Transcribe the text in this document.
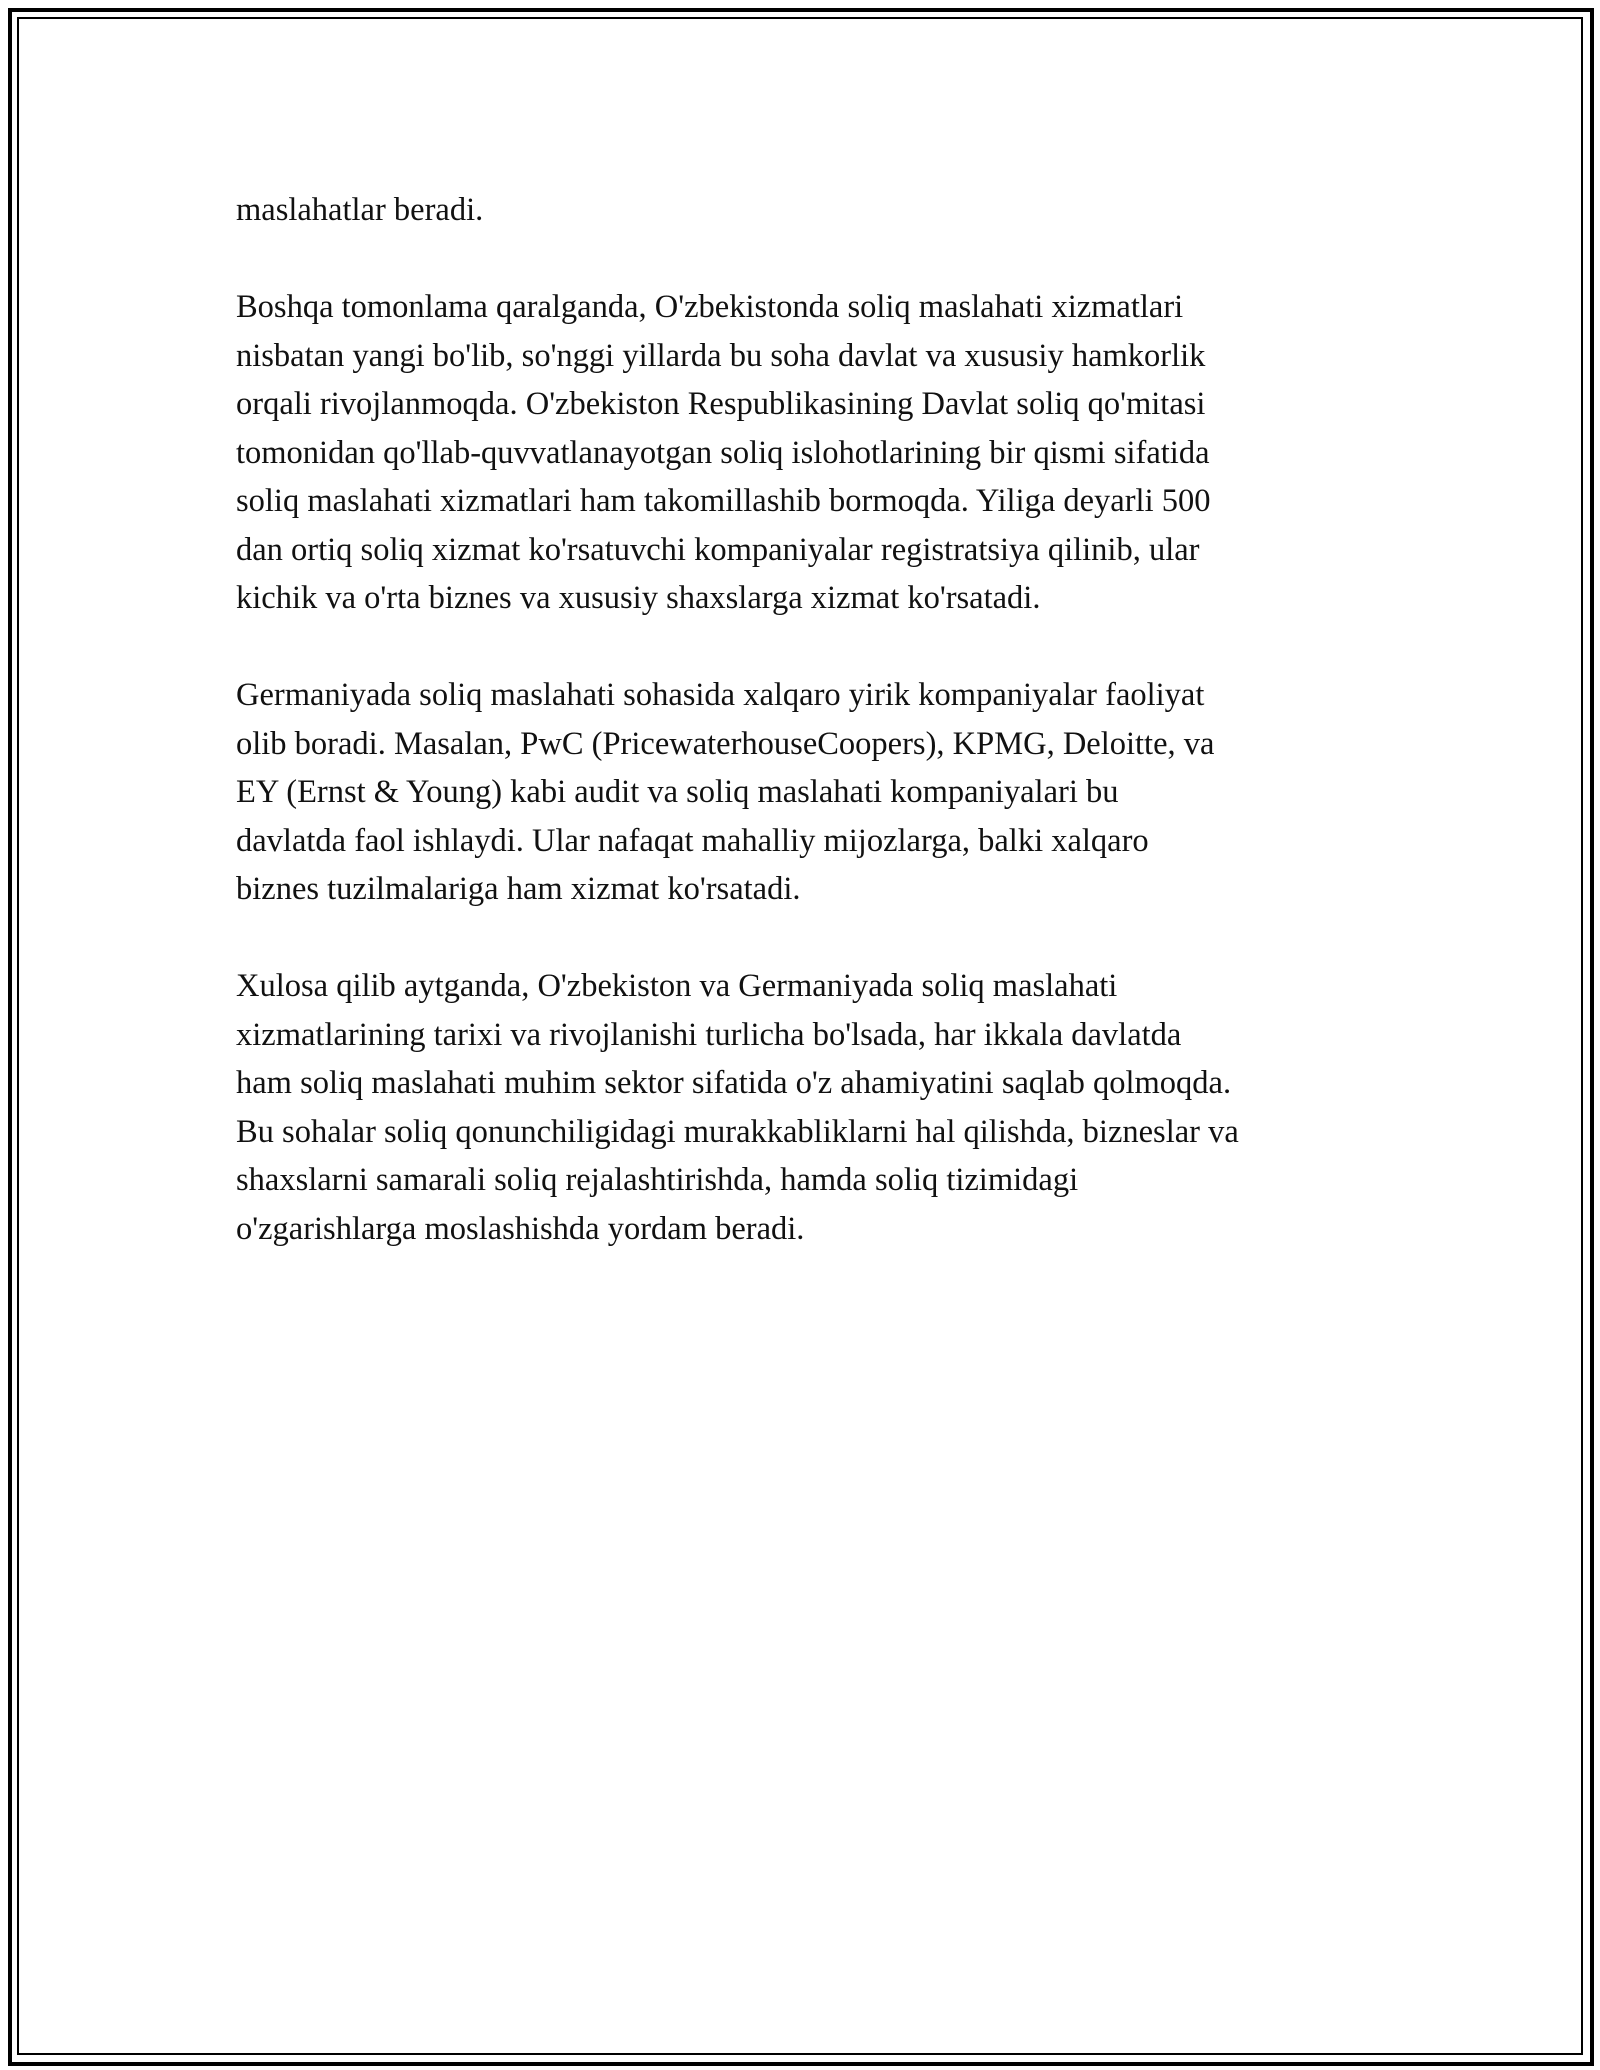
maslahatlar beradi.

Boshqa tomonlama qaralganda, O'zbekistonda soliq maslahati xizmatlari
nisbatan yangi bo'lib, so'nggi yillarda bu soha davlat va xususiy hamkorlik
orqali rivojlanmoqda. O'zbekiston Respublikasining Davlat soliq qo'mitasi
tomonidan qo'llab-quvvatlanayotgan soliq islohotlarining bir qismi sifatida
soliq maslahati xizmatlari ham takomillashib bormoqda. Yiliga deyarli 500
dan ortiq soliq xizmat ko'rsatuvchi kompaniyalar registratsiya qilinib, ular
kichik va o'rta biznes va xususiy shaxslarga xizmat ko'rsatadi.

Germaniyada soliq maslahati sohasida xalqaro yirik kompaniyalar faoliyat
olib boradi. Masalan, PwC (PricewaterhouseCoopers), KPMG, Deloitte, va
EY (Ernst & Young) kabi audit va soliq maslahati kompaniyalari bu
davlatda faol ishlaydi. Ular nafaqat mahalliy mijozlarga, balki xalqaro
biznes tuzilmalariga ham xizmat ko'rsatadi.

Xulosa qilib aytganda, O'zbekiston va Germaniyada soliq maslahati
xizmatlarining tarixi va rivojlanishi turlicha bo'lsada, har ikkala davlatda
ham soliq maslahati muhim sektor sifatida o'z ahamiyatini saqlab qolmoqda.
Bu sohalar soliq qonunchiligidagi murakkabliklarni hal qilishda, bizneslar va
shaxslarni samarali soliq rejalashtirishda, hamda soliq tizimidagi
o'zgarishlarga moslashishda yordam beradi.
